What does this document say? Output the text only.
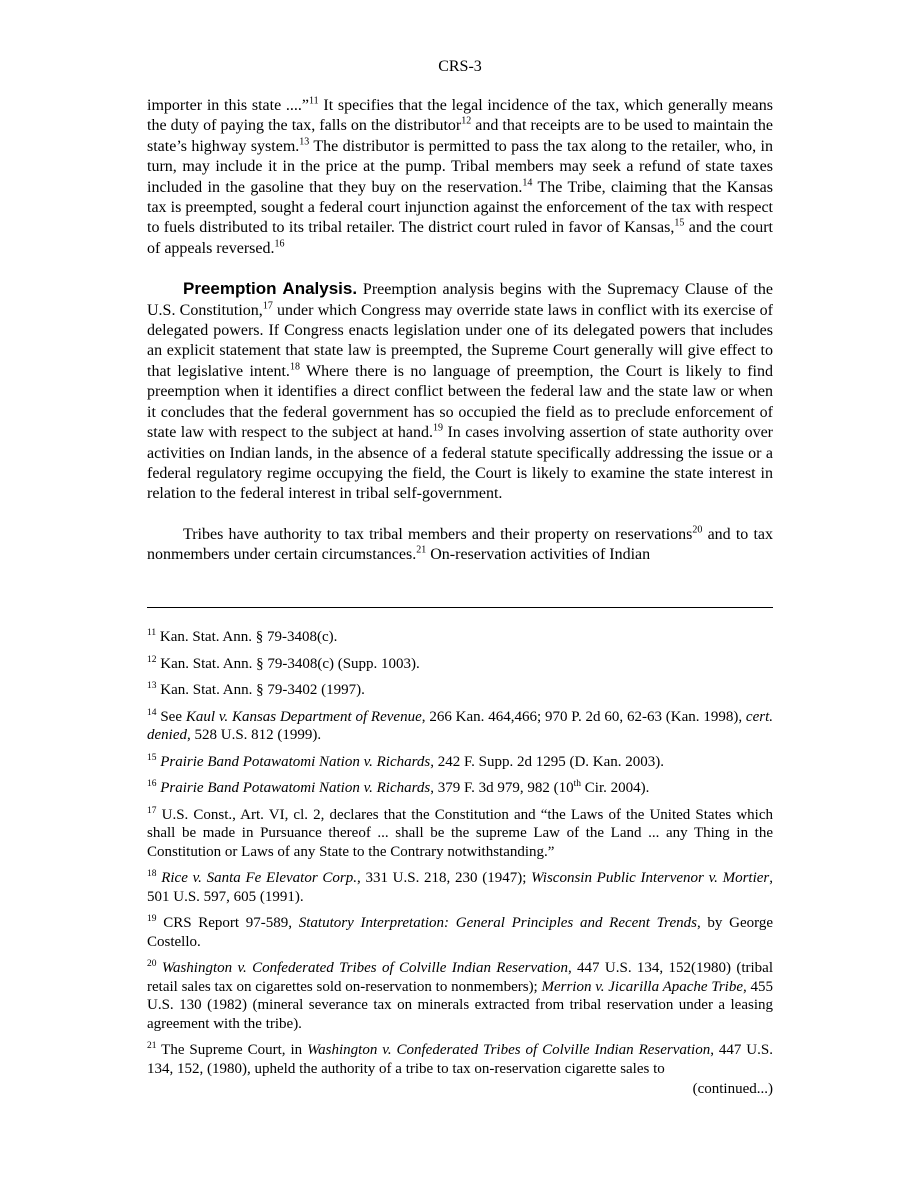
CRS-3

importer in this state ....”$^{11}$ It specifies that the legal incidence of the tax, which generally means the duty of paying the tax, falls on the distributor$^{12}$ and that receipts are to be used to maintain the state’s highway system.$^{13}$ The distributor is permitted to pass the tax along to the retailer, who, in turn, may include it in the price at the pump. Tribal members may seek a refund of state taxes included in the gasoline that they buy on the reservation.$^{14}$ The Tribe, claiming that the Kansas tax is preempted, sought a federal court injunction against the enforcement of the tax with respect to fuels distributed to its tribal retailer. The district court ruled in favor of Kansas,$^{15}$ and the court of appeals reversed.$^{16}$

Preemption Analysis. Preemption analysis begins with the Supremacy Clause of the U.S. Constitution,$^{17}$ under which Congress may override state laws in conflict with its exercise of delegated powers. If Congress enacts legislation under one of its delegated powers that includes an explicit statement that state law is preempted, the Supreme Court generally will give effect to that legislative intent.$^{18}$ Where there is no language of preemption, the Court is likely to find preemption when it identifies a direct conflict between the federal law and the state law or when it concludes that the federal government has so occupied the field as to preclude enforcement of state law with respect to the subject at hand.$^{19}$ In cases involving assertion of state authority over activities on Indian lands, in the absence of a federal statute specifically addressing the issue or a federal regulatory regime occupying the field, the Court is likely to examine the state interest in relation to the federal interest in tribal self-government.

Tribes have authority to tax tribal members and their property on reservations$^{20}$ and to tax nonmembers under certain circumstances.$^{21}$ On-reservation activities of Indian

$^{11}$ Kan. Stat. Ann. § 79-3408(c).
$^{12}$ Kan. Stat. Ann. § 79-3408(c) (Supp. 1003).
$^{13}$ Kan. Stat. Ann. § 79-3402 (1997).
$^{14}$ See Kaul v. Kansas Department of Revenue, 266 Kan. 464,466; 970 P. 2d 60, 62-63 (Kan. 1998), cert. denied, 528 U.S. 812 (1999).
$^{15}$ Prairie Band Potawatomi Nation v. Richards, 242 F. Supp. 2d 1295 (D. Kan. 2003).
$^{16}$ Prairie Band Potawatomi Nation v. Richards, 379 F. 3d 979, 982 (10th Cir. 2004).
$^{17}$ U.S. Const., Art. VI, cl. 2, declares that the Constitution and “the Laws of the United States which shall be made in Pursuance thereof ... shall be the supreme Law of the Land ... any Thing in the Constitution or Laws of any State to the Contrary notwithstanding.”
$^{18}$ Rice v. Santa Fe Elevator Corp., 331 U.S. 218, 230 (1947); Wisconsin Public Intervenor v. Mortier, 501 U.S. 597, 605 (1991).
$^{19}$ CRS Report 97-589, Statutory Interpretation: General Principles and Recent Trends, by George Costello.
$^{20}$ Washington v. Confederated Tribes of Colville Indian Reservation, 447 U.S. 134, 152(1980) (tribal retail sales tax on cigarettes sold on-reservation to nonmembers); Merrion v. Jicarilla Apache Tribe, 455 U.S. 130 (1982) (mineral severance tax on minerals extracted from tribal reservation under a leasing agreement with the tribe).
$^{21}$ The Supreme Court, in Washington v. Confederated Tribes of Colville Indian Reservation, 447 U.S. 134, 152, (1980), upheld the authority of a tribe to tax on-reservation cigarette sales to
(continued...)
